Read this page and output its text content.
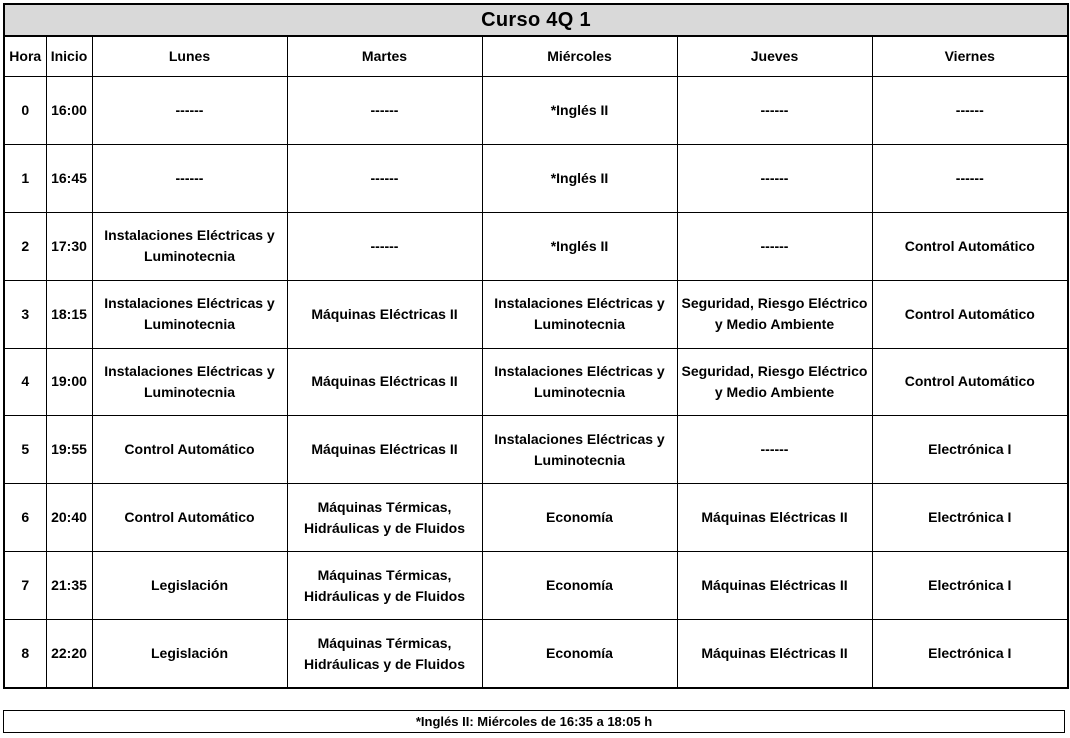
Curso 4Q 1						
Hora	Inicio	Lunes	Martes	Miércoles	Jueves	Viernes
0	16:00	------	------	*Inglés II	------	------
1	16:45	------	------	*Inglés II	------	------
2	17:30	Instalaciones Eléctricas y
Luminotecnia	------	*Inglés II	------	Control Automático
3	18:15	Instalaciones Eléctricas y
Luminotecnia	Máquinas Eléctricas II	Instalaciones Eléctricas y
Luminotecnia	Seguridad, Riesgo Eléctrico
y Medio Ambiente	Control Automático
4	19:00	Instalaciones Eléctricas y
Luminotecnia	Máquinas Eléctricas II	Instalaciones Eléctricas y
Luminotecnia	Seguridad, Riesgo Eléctrico
y Medio Ambiente	Control Automático
5	19:55	Control Automático	Máquinas Eléctricas II	Instalaciones Eléctricas y
Luminotecnia	------	Electrónica I
6	20:40	Control Automático	Máquinas Térmicas,
Hidráulicas y de Fluidos	Economía	Máquinas Eléctricas II	Electrónica I
7	21:35	Legislación	Máquinas Térmicas,
Hidráulicas y de Fluidos	Economía	Máquinas Eléctricas II	Electrónica I
8	22:20	Legislación	Máquinas Térmicas,
Hidráulicas y de Fluidos	Economía	Máquinas Eléctricas II	Electrónica I
*Inglés II: Miércoles de 16:35 a 18:05 h
